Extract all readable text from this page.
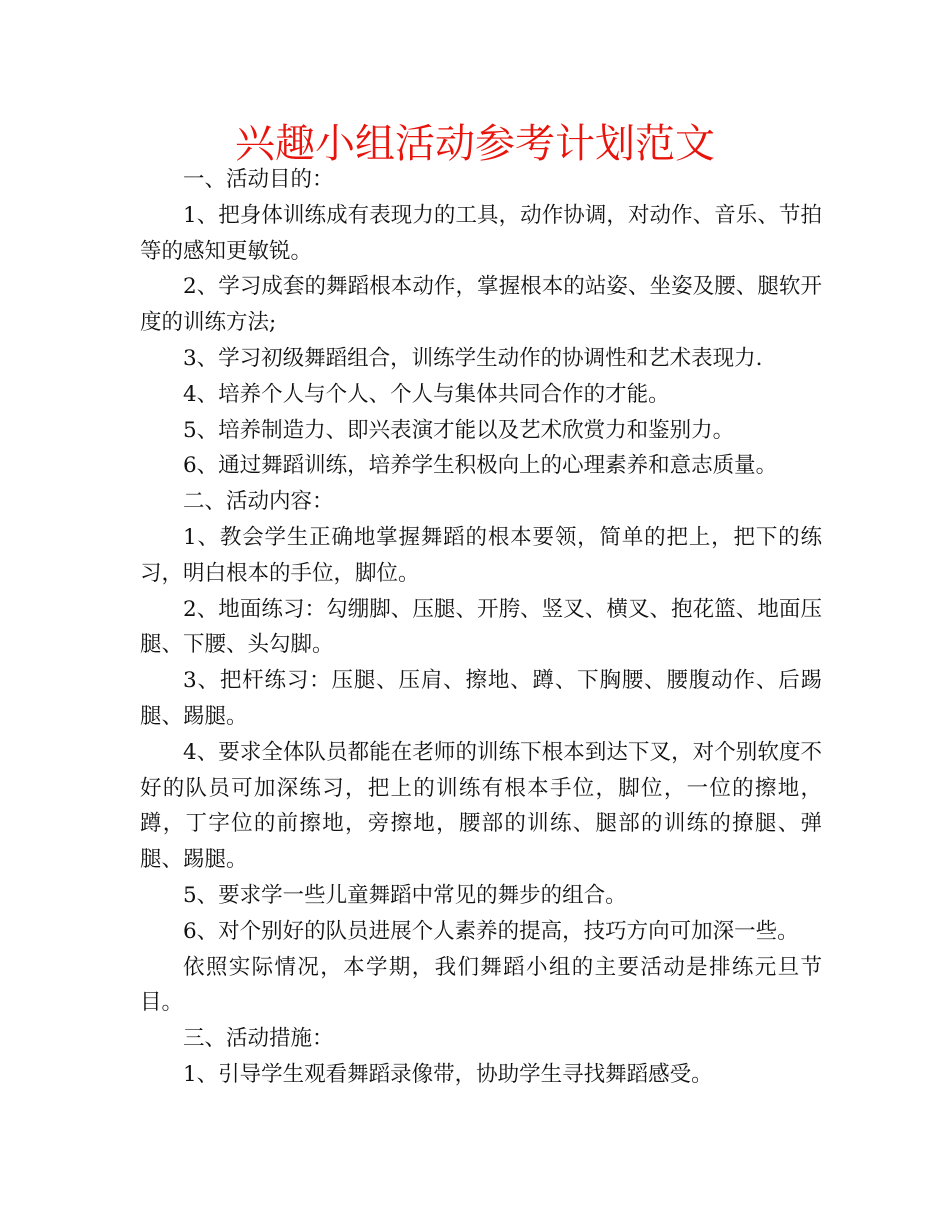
兴趣小组活动参考计划范文

一、活动目的：

1、把身体训练成有表现力的工具，动作协调，对动作、音乐、节拍等的感知更敏锐。

2、学习成套的舞蹈根本动作，掌握根本的站姿、坐姿及腰、腿软开度的训练方法;

3、学习初级舞蹈组合，训练学生动作的协调性和艺术表现力.

4、培养个人与个人、个人与集体共同合作的才能。

5、培养制造力、即兴表演才能以及艺术欣赏力和鉴别力。

6、通过舞蹈训练，培养学生积极向上的心理素养和意志质量。

二、活动内容：

1、教会学生正确地掌握舞蹈的根本要领，简单的把上，把下的练习，明白根本的手位，脚位。

2、地面练习：勾绷脚、压腿、开胯、竖叉、横叉、抱花篮、地面压腿、下腰、头勾脚。

3、把杆练习：压腿、压肩、擦地、蹲、下胸腰、腰腹动作、后踢腿、踢腿。

4、要求全体队员都能在老师的训练下根本到达下叉，对个别软度不好的队员可加深练习，把上的训练有根本手位，脚位，一位的擦地，蹲，丁字位的前擦地，旁擦地，腰部的训练、腿部的训练的撩腿、弹腿、踢腿。

5、要求学一些儿童舞蹈中常见的舞步的组合。

6、对个别好的队员进展个人素养的提高，技巧方向可加深一些。

依照实际情况，本学期，我们舞蹈小组的主要活动是排练元旦节目。

三、活动措施：

1、引导学生观看舞蹈录像带，协助学生寻找舞蹈感受。
